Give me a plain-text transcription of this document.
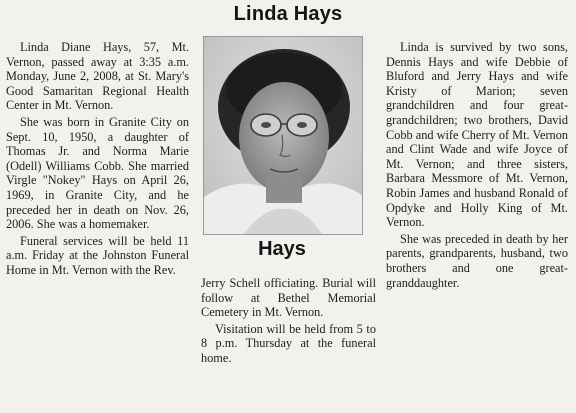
Linda Hays

Linda Diane Hays, 57, Mt. Vernon, passed away at 3:35 a.m. Monday, June 2, 2008, at St. Mary's Good Samaritan Regional Health Center in Mt. Vernon.

She was born in Granite City on Sept. 10, 1950, a daughter of Thomas Jr. and Norma Marie (Odell) Williams Cobb. She married Virgle "Nokey" Hays on April 26, 1969, in Granite City, and he preceded her in death on Nov. 26, 2006. She was a homemaker.

Funeral services will be held 11 a.m. Friday at the Johnston Funeral Home in Mt. Vernon with the Rev.

Hays

Jerry Schell officiating. Burial will follow at Bethel Memorial Cemetery in Mt. Vernon.

Visitation will be held from 5 to 8 p.m. Thursday at the funeral home.

Linda is survived by two sons, Dennis Hays and wife Debbie of Bluford and Jerry Hays and wife Kristy of Marion; seven grandchildren and four great-grandchildren; two brothers, David Cobb and wife Cherry of Mt. Vernon and Clint Wade and wife Joyce of Mt. Vernon; and three sisters, Barbara Messmore of Mt. Vernon, Robin James and husband Ronald of Opdyke and Holly King of Mt. Vernon.

She was preceded in death by her parents, grandparents, husband, two brothers and one great-granddaughter.
